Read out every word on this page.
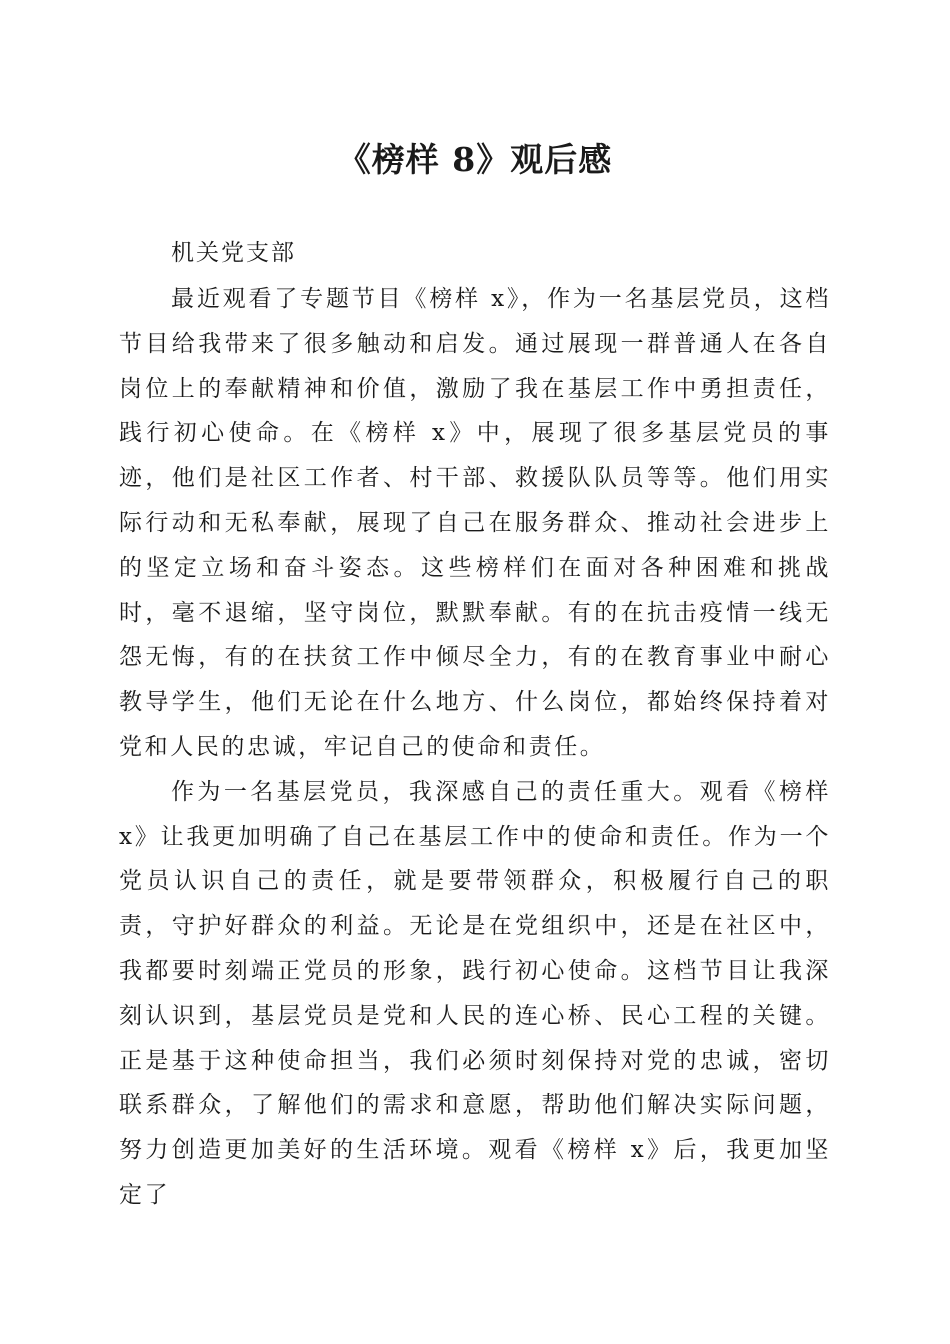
《榜样 8》观后感
机关党支部

最近观看了专题节目《榜样 x》，作为一名基层党员，这档节目给我带来了很多触动和启发。通过展现一群普通人在各自岗位上的奉献精神和价值，激励了我在基层工作中勇担责任，践行初心使命。在《榜样 x》中，展现了很多基层党员的事迹，他们是社区工作者、村干部、救援队队员等等。他们用实际行动和无私奉献，展现了自己在服务群众、推动社会进步上的坚定立场和奋斗姿态。这些榜样们在面对各种困难和挑战时，毫不退缩，坚守岗位，默默奉献。有的在抗击疫情一线无怨无悔，有的在扶贫工作中倾尽全力，有的在教育事业中耐心教导学生，他们无论在什么地方、什么岗位，都始终保持着对党和人民的忠诚，牢记自己的使命和责任。

作为一名基层党员，我深感自己的责任重大。观看《榜样 x》让我更加明确了自己在基层工作中的使命和责任。作为一个党员认识自己的责任，就是要带领群众，积极履行自己的职责，守护好群众的利益。无论是在党组织中，还是在社区中，我都要时刻端正党员的形象，践行初心使命。这档节目让我深刻认识到，基层党员是党和人民的连心桥、民心工程的关键。正是基于这种使命担当，我们必须时刻保持对党的忠诚，密切联系群众，了解他们的需求和意愿，帮助他们解决实际问题，努力创造更加美好的生活环境。观看《榜样 x》后，我更加坚定了
